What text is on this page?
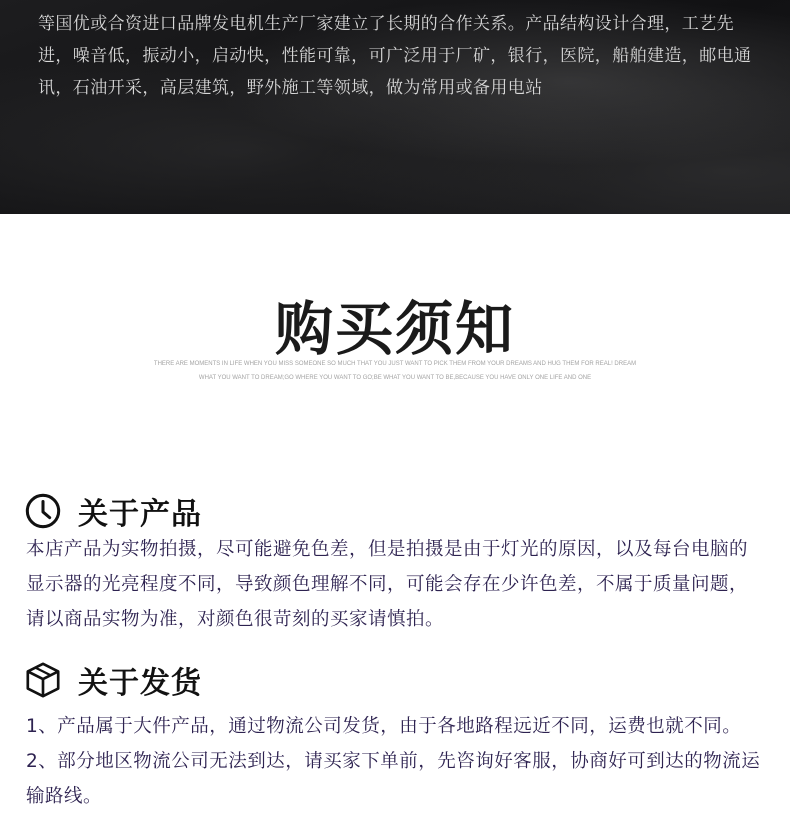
等国优或合资进口品牌发电机生产厂家建立了长期的合作关系。产品结构设计合理，工艺先进，噪音低，振动小，启动快，性能可靠，可广泛用于厂矿，银行，医院，船舶建造，邮电通讯，石油开采，高层建筑，野外施工等领域，做为常用或备用电站

购买须知

THERE ARE MOMENTS IN LIFE WHEN YOU MISS SOMEONE SO MUCH THAT YOU JUST WANT TO PICK THEM FROM YOUR DREAMS AND HUG THEM FOR REAL! DREAM

WHAT YOU WANT TO DREAM;GO WHERE YOU WANT TO GO;BE WHAT YOU WANT TO BE,BECAUSE YOU HAVE ONLY ONE LIFE AND ONE

关于产品

本店产品为实物拍摄，尽可能避免色差，但是拍摄是由于灯光的原因，以及每台电脑的显示器的光亮程度不同，导致颜色理解不同，可能会存在少许色差，不属于质量问题，请以商品实物为准，对颜色很苛刻的买家请慎拍。

关于发货

1、产品属于大件产品，通过物流公司发货，由于各地路程远近不同，运费也就不同。

2、部分地区物流公司无法到达，请买家下单前，先咨询好客服，协商好可到达的物流运输路线。
